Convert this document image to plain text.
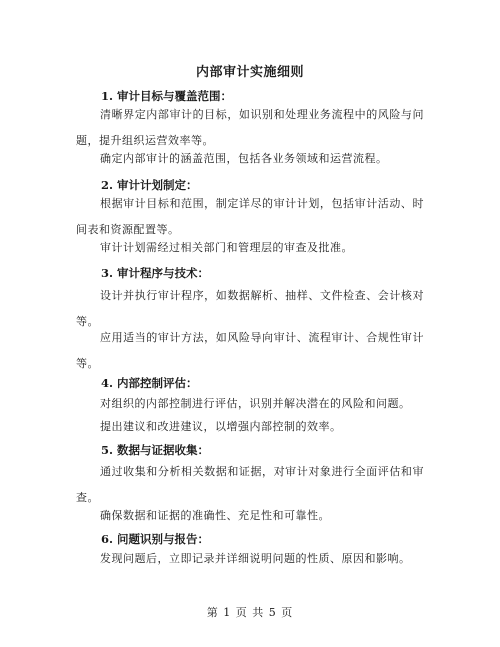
内部审计实施细则
1. 审计目标与覆盖范围：
清晰界定内部审计的目标，如识别和处理业务流程中的风险与问题，提升组织运营效率等。
确定内部审计的涵盖范围，包括各业务领域和运营流程。
2. 审计计划制定：
根据审计目标和范围，制定详尽的审计计划，包括审计活动、时间表和资源配置等。
审计计划需经过相关部门和管理层的审查及批准。
3. 审计程序与技术：
设计并执行审计程序，如数据解析、抽样、文件检查、会计核对等。
应用适当的审计方法，如风险导向审计、流程审计、合规性审计等。
4. 内部控制评估：
对组织的内部控制进行评估，识别并解决潜在的风险和问题。
提出建议和改进建议，以增强内部控制的效率。
5. 数据与证据收集：
通过收集和分析相关数据和证据，对审计对象进行全面评估和审查。
确保数据和证据的准确性、充足性和可靠性。
6. 问题识别与报告：
发现问题后，立即记录并详细说明问题的性质、原因和影响。
第 1 页 共 5 页
